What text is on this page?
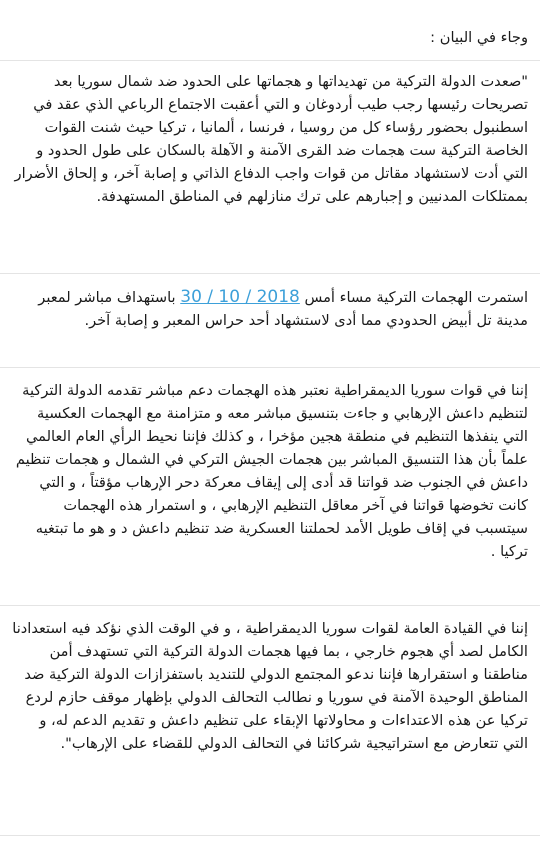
وجاء في البيان :

"صعدت الدولة التركية من تهديداتها و هجماتها على الحدود ضد شمال سوريا بعد تصريحات رئيسها رجب طيب أردوغان و التي أعقبت الاجتماع الرباعي الذي عقد في اسطنبول بحضور رؤساء كل من روسيا ، فرنسا ، ألمانيا ، تركيا حيث شنت القوات الخاصة التركية ست هجمات ضد القرى الآمنة و الآهلة بالسكان على طول الحدود و التي أدت لاستشهاد مقاتل من قوات واجب الدفاع الذاتي و إصابة آخر، و إلحاق الأضرار بممتلكات المدنيين و إجبارهم على ترك منازلهم في المناطق المستهدفة.

استمرت الهجمات التركية مساء أمس 30 / 10 / 2018 باستهداف مباشر لمعبر مدينة تل أبيض الحدودي مما أدى لاستشهاد أحد حراس المعبر و إصابة آخر.

إننا في قوات سوريا الديمقراطية نعتبر هذه الهجمات دعم مباشر تقدمه الدولة التركية لتنظيم داعش الإرهابي و جاءت بتنسيق مباشر معه و متزامنة مع الهجمات العكسية التي ينفذها التنظيم في منطقة هجين مؤخرا ، و كذلك فإننا نحيط الرأي العام العالمي علماً بأن هذا التنسيق المباشر بين هجمات الجيش التركي في الشمال و هجمات تنظيم داعش في الجنوب ضد قواتنا قد أدى إلى إيقاف معركة دحر الإرهاب مؤقتاً ، و التي كانت تخوضها قواتنا في آخر معاقل التنظيم الإرهابي ، و استمرار هذه الهجمات سيتسبب في إقاف طويل الأمد لحملتنا العسكرية ضد تنظيم داعش د و هو ما تبتغيه تركيا .

إننا في القيادة العامة لقوات سوريا الديمقراطية ، و في الوقت الذي نؤكد فيه استعدادنا الكامل لصد أي هجوم خارجي ، بما فيها هجمات الدولة التركية التي تستهدف أمن مناطقنا و استقرارها فإننا ندعو المجتمع الدولي للتنديد باستفزازات الدولة التركية ضد المناطق الوحيدة الآمنة في سوريا و نطالب التحالف الدولي بإظهار موقف حازم لردع تركيا عن هذه الاعتداءات و محاولاتها الإبقاء على تنظيم داعش و تقديم الدعم له، و التي تتعارض مع استراتيجية شركائنا في التحالف الدولي للقضاء على الإرهاب".
